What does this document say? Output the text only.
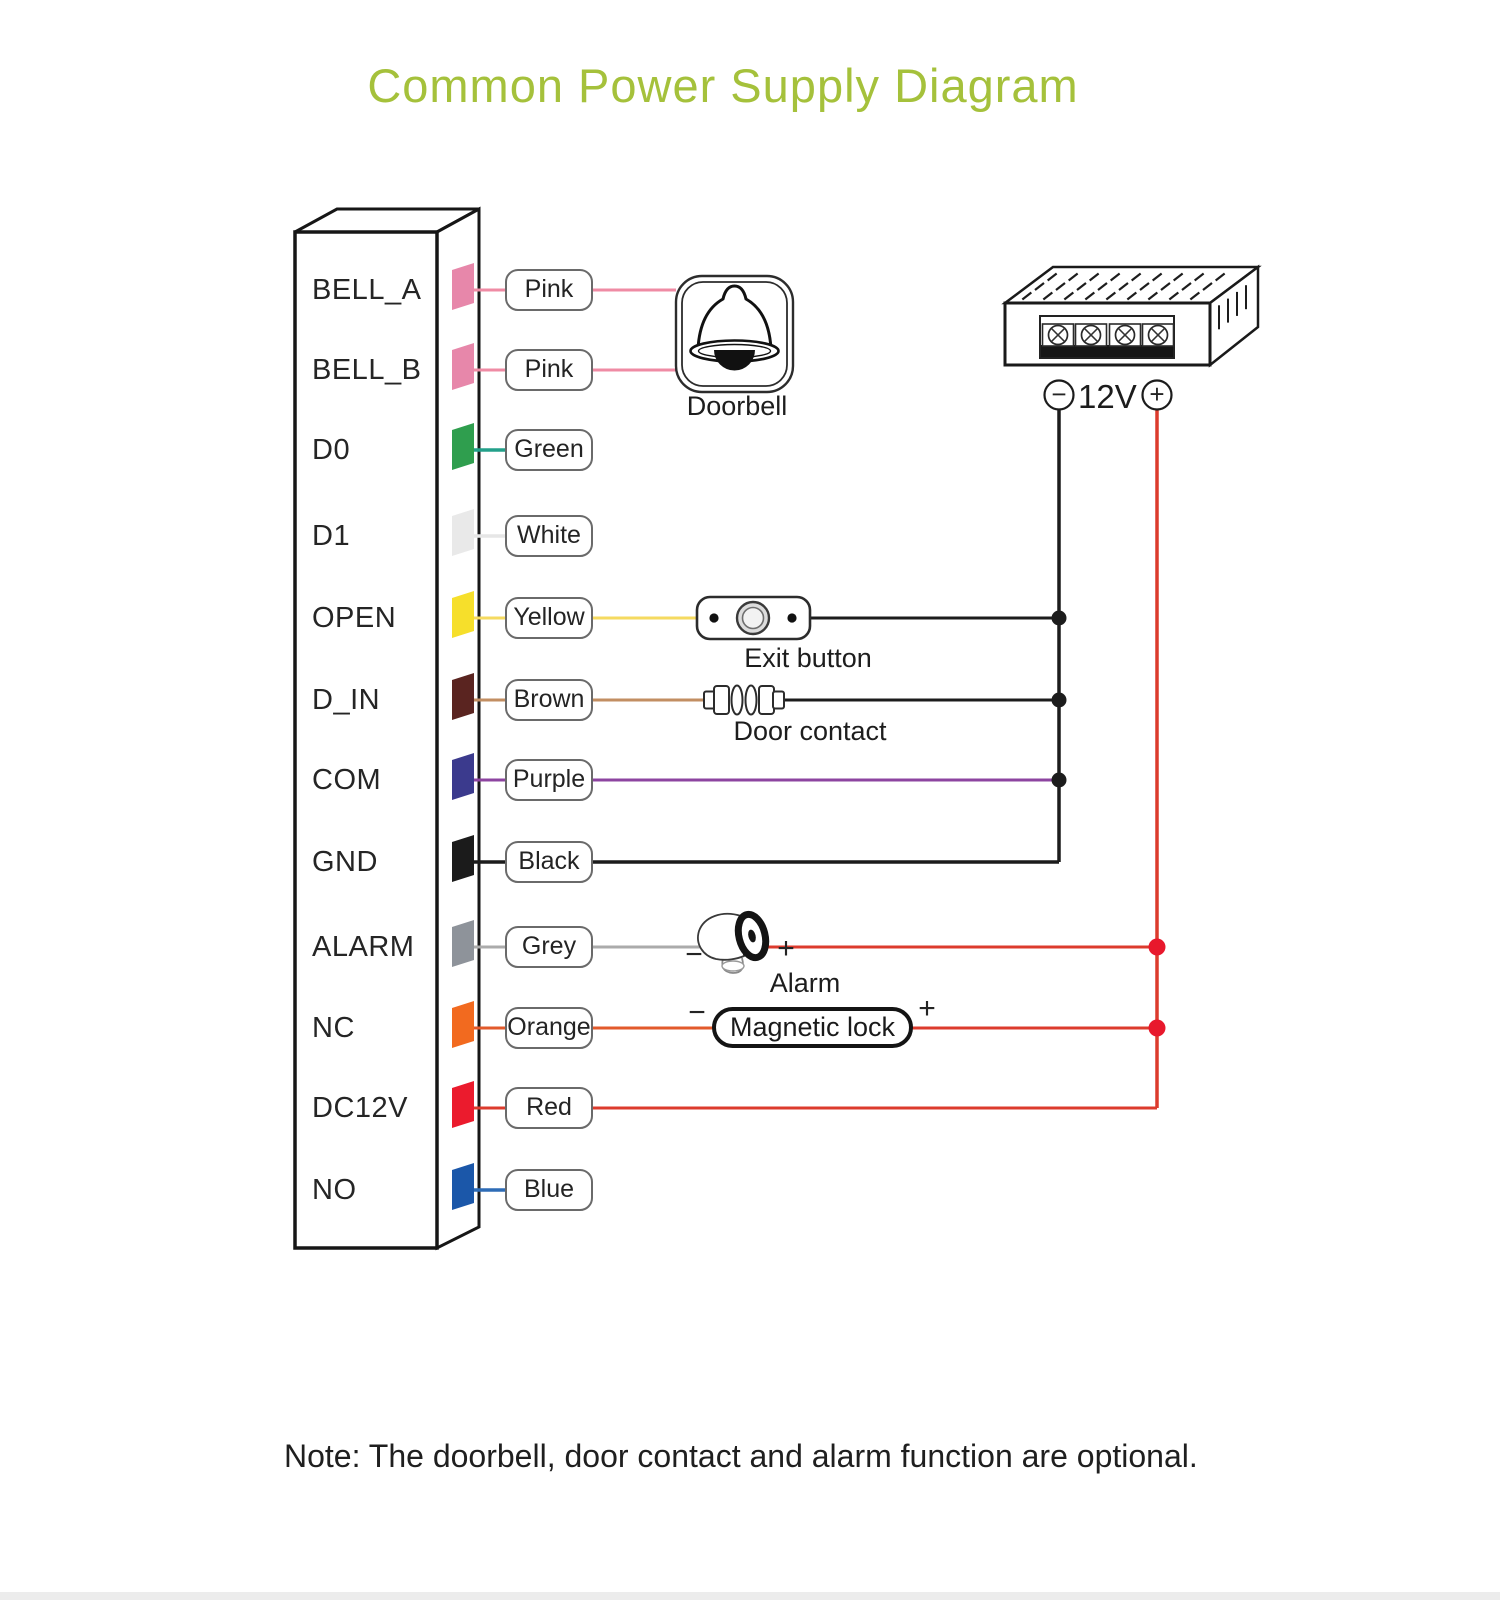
Common Power Supply Diagram
BELL_A
BELL_B
D0
D1
OPEN
D_IN
COM
GND
ALARM
NC
DC12V
NO
Pink
Pink
Green
White
Yellow
Brown
Purple
Black
Grey
Orange
Red
Blue
Doorbell
Exit button
Door contact
Alarm
Magnetic lock
− +
−	+
−	+
12V
Note: The doorbell, door contact and alarm function are optional.
